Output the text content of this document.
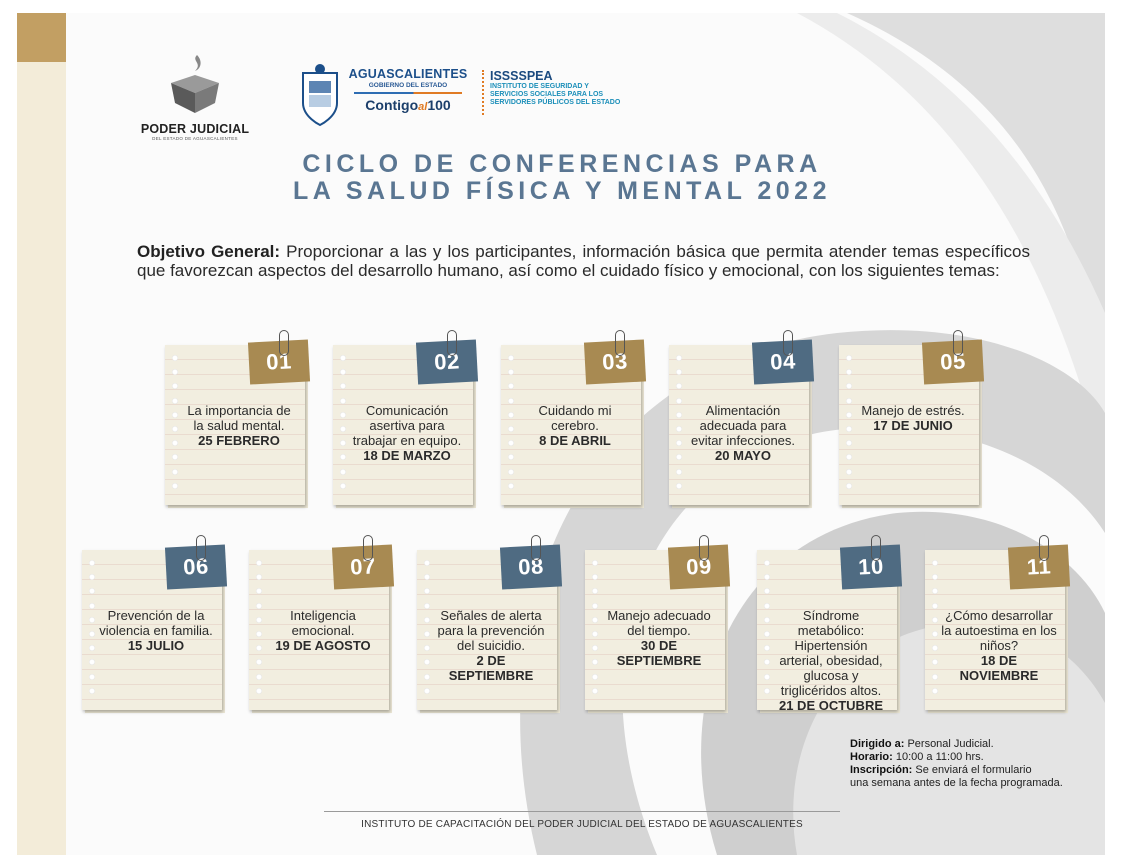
PODER JUDICIAL
DEL ESTADO DE AGUASCALIENTES
AGUASCALIENTES
GOBIERNO DEL ESTADO
Contigoal100
ISSSSPEA
INSTITUTO DE SEGURIDAD Y
SERVICIOS SOCIALES PARA LOS
SERVIDORES PÚBLICOS DEL ESTADO
CICLO DE CONFERENCIAS PARA
LA SALUD FÍSICA Y MENTAL 2022
Objetivo General: Proporcionar a las y los participantes, información básica que permita atender temas específicos que favorezcan aspectos del desarrollo humano, así como el cuidado físico y emocional, con los siguientes temas:
01
La importancia de la salud mental.
25 FEBRERO
02
Comunicación asertiva para trabajar en equipo.
18 DE MARZO
03
Cuidando mi cerebro.
8 DE ABRIL
04
Alimentación adecuada para evitar infecciones.
20 MAYO
05
Manejo de estrés.
17 DE JUNIO
06
Prevención de la violencia en familia.
15 JULIO
07
Inteligencia emocional.
19 DE AGOSTO
08
Señales de alerta para la prevención del suicidio.
2 DE SEPTIEMBRE
09
Manejo adecuado del tiempo.
30 DE SEPTIEMBRE
10
Síndrome metabólico: Hipertensión arterial, obesidad, glucosa y triglicéridos altos.
21 DE OCTUBRE
11
¿Cómo desarrollar la autoestima en los niños?
18 DE NOVIEMBRE
Dirigido a: Personal Judicial.
Horario: 10:00 a 11:00 hrs.
Inscripción: Se enviará el formulario
una semana antes de la fecha programada.
INSTITUTO DE CAPACITACIÓN DEL PODER JUDICIAL DEL ESTADO DE AGUASCALIENTES
